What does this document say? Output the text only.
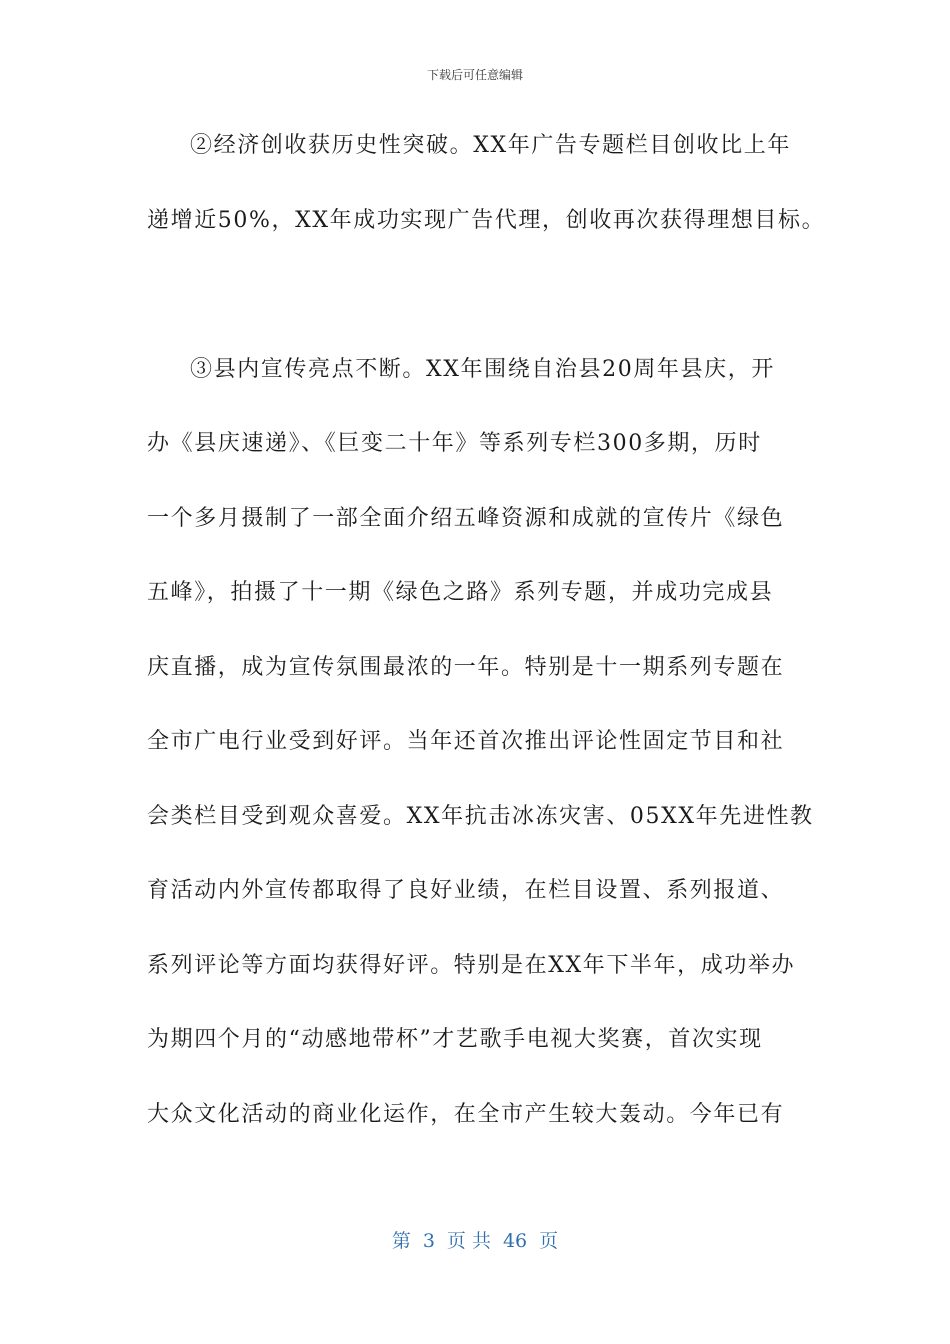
下载后可任意编辑
②经济创收获历史性突破。XX年广告专题栏目创收比上年
递增近50%，XX年成功实现广告代理，创收再次获得理想目标。
③县内宣传亮点不断。XX年围绕自治县20周年县庆，开
办《县庆速递》、《巨变二十年》等系列专栏300多期，历时
一个多月摄制了一部全面介绍五峰资源和成就的宣传片《绿色
五峰》，拍摄了十一期《绿色之路》系列专题，并成功完成县
庆直播，成为宣传氛围最浓的一年。特别是十一期系列专题在
全市广电行业受到好评。当年还首次推出评论性固定节目和社
会类栏目受到观众喜爱。XX年抗击冰冻灾害、05XX年先进性教
育活动内外宣传都取得了良好业绩，在栏目设置、系列报道、
系列评论等方面均获得好评。特别是在XX年下半年，成功举办
为期四个月的“动感地带杯”才艺歌手电视大奖赛，首次实现
大众文化活动的商业化运作，在全市产生较大轰动。今年已有
第 3 页 共 46 页
